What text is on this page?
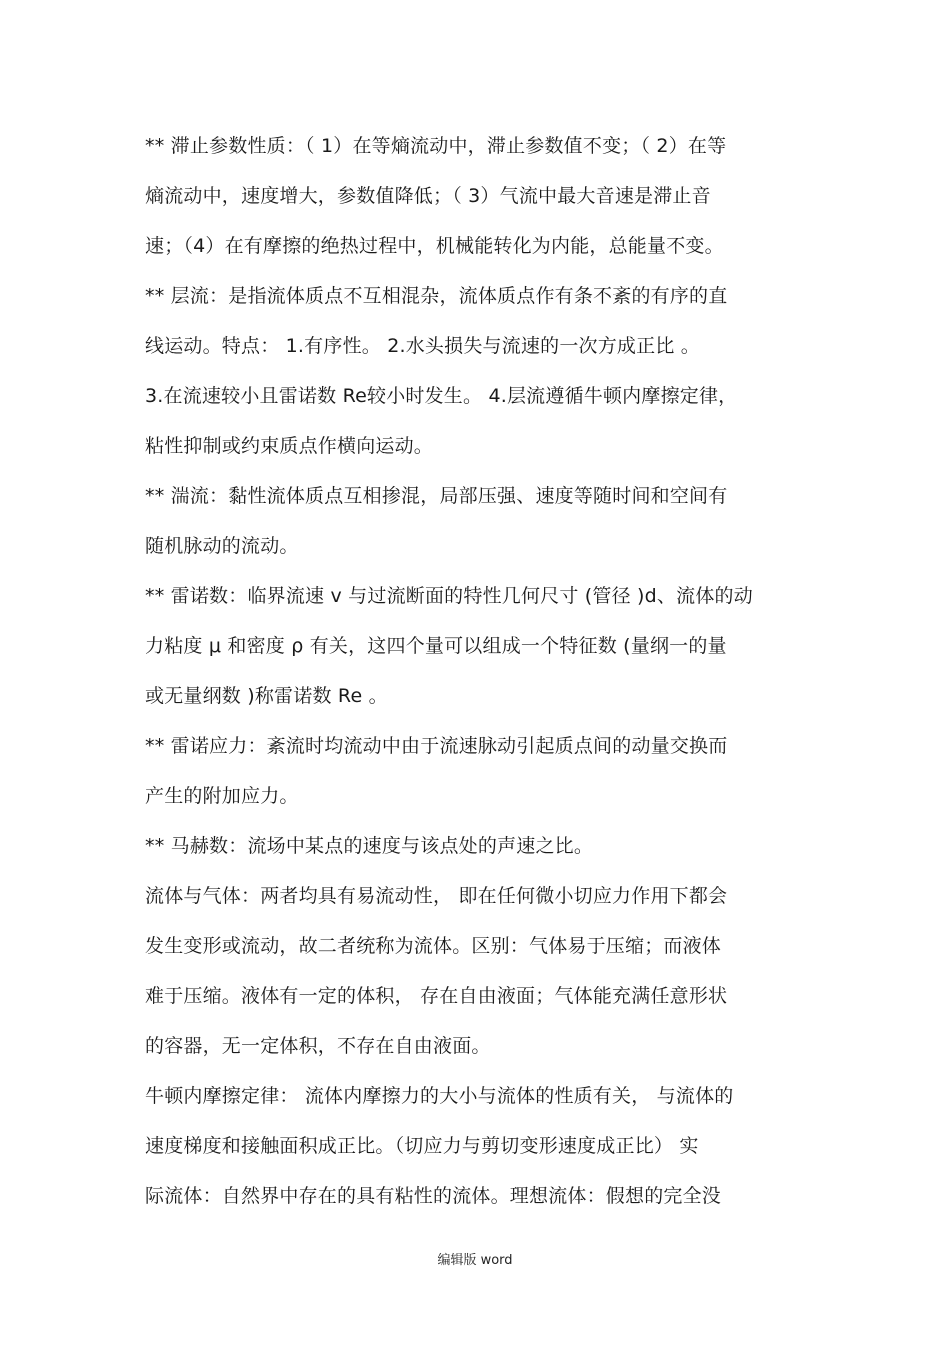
** 滞止参数性质：（ 1）在等熵流动中，滞止参数值不变；（ 2）在等
熵流动中，速度增大，参数值降低；（ 3）气流中最大音速是滞止音
速；（4）在有摩擦的绝热过程中，机械能转化为内能，总能量不变。
** 层流：是指流体质点不互相混杂，流体质点作有条不紊的有序的直
线运动。特点： 1.有序性。 2.水头损失与流速的一次方成正比 。
3.在流速较小且雷诺数 Re较小时发生。 4.层流遵循牛顿内摩擦定律，
粘性抑制或约束质点作横向运动。
** 湍流：黏性流体质点互相掺混，局部压强、速度等随时间和空间有
随机脉动的流动。
** 雷诺数：临界流速 v 与过流断面的特性几何尺寸 (管径 )d、流体的动
力粘度 μ 和密度 ρ 有关，这四个量可以组成一个特征数 (量纲一的量
或无量纲数 )称雷诺数 Re 。
** 雷诺应力：紊流时均流动中由于流速脉动引起质点间的动量交换而
产生的附加应力。
** 马赫数：流场中某点的速度与该点处的声速之比。
流体与气体：两者均具有易流动性， 即在任何微小切应力作用下都会
发生变形或流动，故二者统称为流体。区别：气体易于压缩；而液体
难于压缩。液体有一定的体积， 存在自由液面；气体能充满任意形状
的容器，无一定体积，不存在自由液面。
牛顿内摩擦定律： 流体内摩擦力的大小与流体的性质有关， 与流体的
速度梯度和接触面积成正比。（切应力与剪切变形速度成正比） 实
际流体：自然界中存在的具有粘性的流体。理想流体：假想的完全没
编辑版 word
